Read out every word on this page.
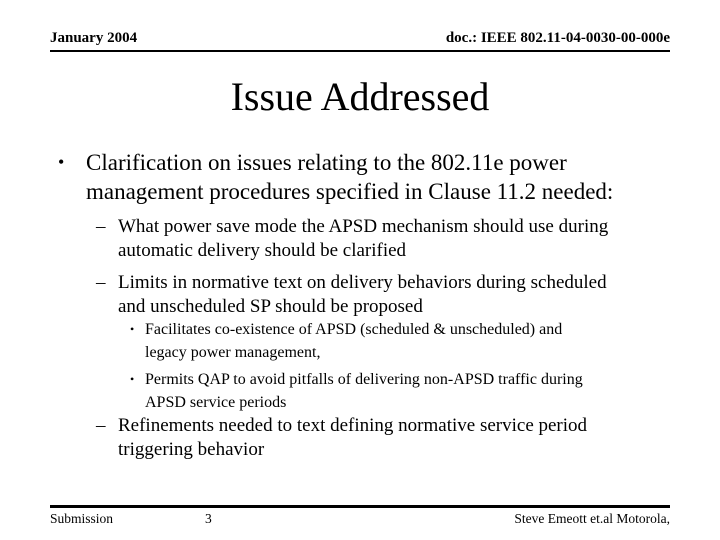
January 2004	doc.: IEEE 802.11-04-0030-00-000e
Issue Addressed
• Clarification on issues relating to the 802.11e power
management procedures specified in Clause 11.2 needed:
– What power save mode the APSD mechanism should use during
automatic delivery should be clarified
– Limits in normative text on delivery behaviors during scheduled
and unscheduled SP should be proposed
• Facilitates co-existence of APSD (scheduled & unscheduled) and
legacy power management,
• Permits QAP to avoid pitfalls of delivering non-APSD traffic during
APSD service periods
– Refinements needed to text defining normative service period
triggering behavior
Submission	3	Steve Emeott et.al Motorola,
